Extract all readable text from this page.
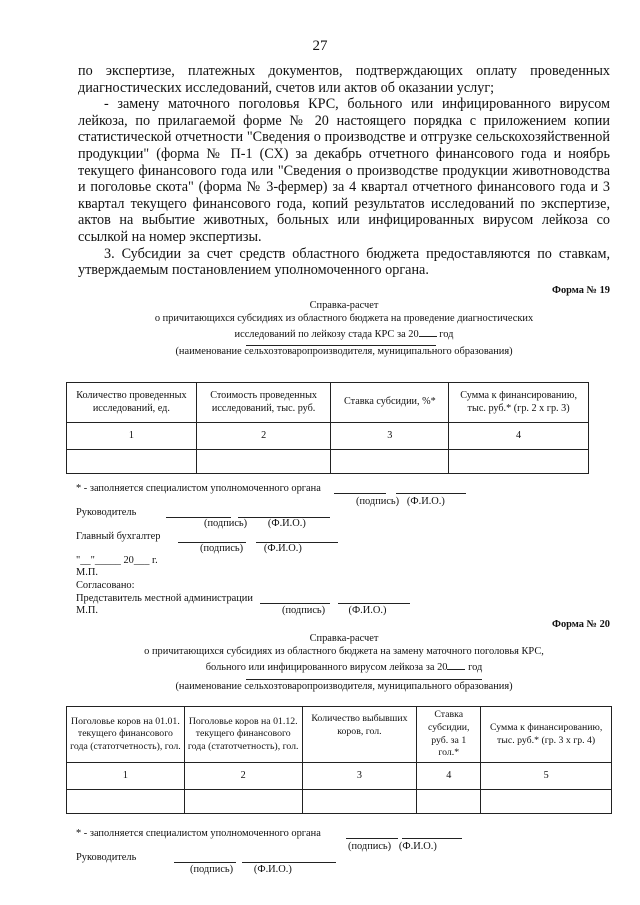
27

по экспертизе, платежных документов, подтверждающих оплату проведенных диагностических исследований, счетов или актов об оказании услуг;

- замену маточного поголовья КРС, больного или инфицированного вирусом лейкоза, по прилагаемой форме № 20 настоящего порядка с приложением копии статистической отчетности "Сведения о производстве и отгрузке сельскохозяйственной продукции" (форма № П-1 (СХ) за декабрь отчетного финансового года и ноябрь текущего финансового года или "Сведения о производстве продукции животноводства и поголовье скота" (форма № 3-фермер) за 4 квартал отчетного финансового года и 3 квартал текущего финансового года, копий результатов исследований по экспертизе, актов на выбытие животных, больных или инфицированных вирусом лейкоза со ссылкой на номер экспертизы.

3. Субсидии за счет средств областного бюджета предоставляются по ставкам, утверждаемым постановлением уполномоченного органа.

Форма № 19
Справка-расчет
о причитающихся субсидиях из областного бюджета на проведение диагностических
исследований по лейкозу стада КРС за 20 год
(наименование сельхозтоваропроизводителя, муниципального образования)
Количество проведенных исследований, ед.	Стоимость проведенных исследований, тыс. руб.	Ставка субсидии, %*	Сумма к финансированию, тыс. руб.* (гр. 2 х гр. 3)
1	2	3	4

* - заполняется специалистом уполномоченного органа
(подпись)   (Ф.И.О.)
Руководитель
(подпись)        (Ф.И.О.)
Главный бухгалтер
(подпись)        (Ф.И.О.)
"__"_____ 20___ г.
М.П.
Согласовано:
Представитель местной администрации
М.П.	(подпись)         (Ф.И.О.)
Форма № 20
Справка-расчет
о причитающихся субсидиях из областного бюджета на замену маточного поголовья КРС,
больного или инфицированного вирусом лейкоза за 20 год
(наименование сельхозтоваропроизводителя, муниципального образования)
Поголовье коров на 01.01. текущего финансового года (статотчетность), гол.	Поголовье коров на 01.12. текущего финансового года (статотчетность), гол.	Количество выбывших коров, гол.	Ставка субсидии, руб. за 1 гол.*	Сумма к финансированию, тыс. руб.* (гр. 3 х гр. 4)
1	2	3	4	5

* - заполняется специалистом уполномоченного органа
(подпись)   (Ф.И.О.)
Руководитель
(подпись)        (Ф.И.О.)
